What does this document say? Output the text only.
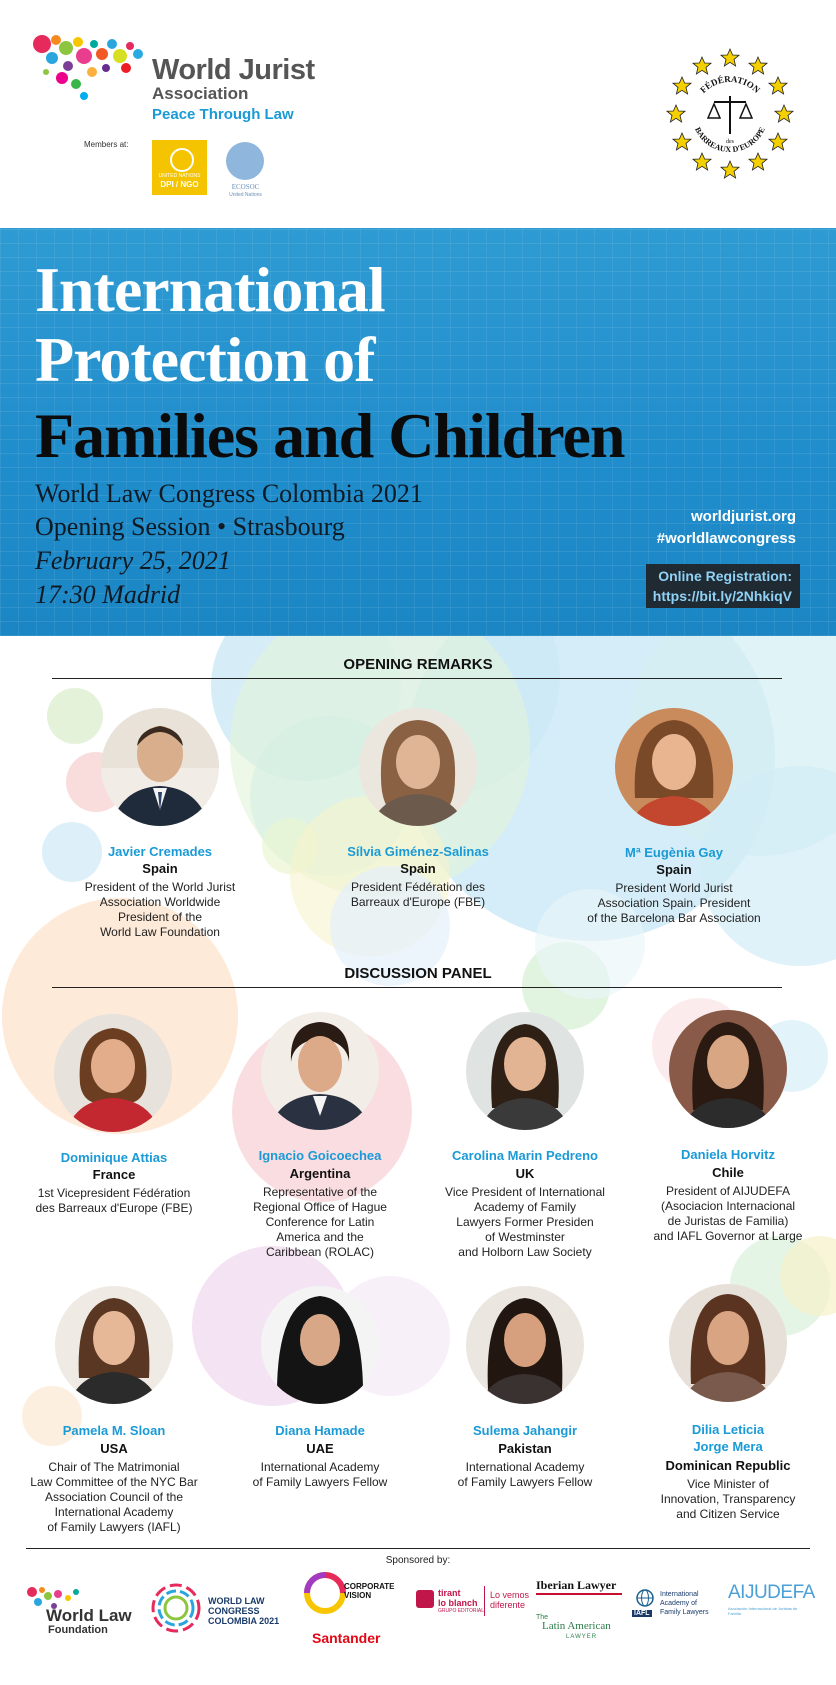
World Jurist
Association
Peace Through Law
Members at:
UNITED NATIONS
DPI / NGO	ECOSOC
United Nations
FÉDÉRATION
BARREAUX D'EUROPE
des
International
Protection of
Families and Children
World Law Congress Colombia 2021
Opening Session • Strasbourg
February 25, 2021
17:30 Madrid
worldjurist.org
#worldlawcongress
Online Registration:
https://bit.ly/2NhkiqV
OPENING REMARKS
Javier Cremades
Spain
President of the World Jurist
Association Worldwide
President of the
World Law Foundation
Sílvia Giménez-Salinas
Spain
President Fédération des
Barreaux d'Europe (FBE)
Mª Eugènia Gay
Spain
President World Jurist
Association Spain. President
of the Barcelona Bar Association
DISCUSSION PANEL
Dominique Attias
France
1st Vicepresident Fédération
des Barreaux d'Europe (FBE)
Ignacio Goicoechea
Argentina
Representative of the
Regional Office of Hague
Conference for Latin
America and the
Caribbean (ROLAC)
Carolina Marin Pedreno
UK
Vice President of International
Academy of Family
Lawyers Former Presiden
of Westminster
and Holborn Law Society
Daniela Horvitz
Chile
President of AIJUDEFA
(Asociacion Internacional
de Juristas de Familia)
and IAFL Governor at Large
Pamela M. Sloan
USA
Chair of The Matrimonial
Law Committee of the NYC Bar
Association Council of the
International Academy
of Family Lawyers (IAFL)
Diana Hamade
UAE
International Academy
of Family Lawyers Fellow
Sulema Jahangir
Pakistan
International Academy
of Family Lawyers Fellow
Dilia Leticia
Jorge Mera
Dominican Republic
Vice Minister of
Innovation, Transparency
and Citizen Service
Sponsored by:
World Law
Foundation
WORLD LAW
CONGRESS
COLOMBIA 2021
CORPORATE
VISION
Santander
tirant
lo blanch
GRUPO EDITORIAL
Lo vemos
diferente
Iberian Lawyer
The
Latin American
LAWYER
IAFL
International
Academy of
Family Lawyers
AIJUDEFA
Asociación Internacional de Juristas de Familia
